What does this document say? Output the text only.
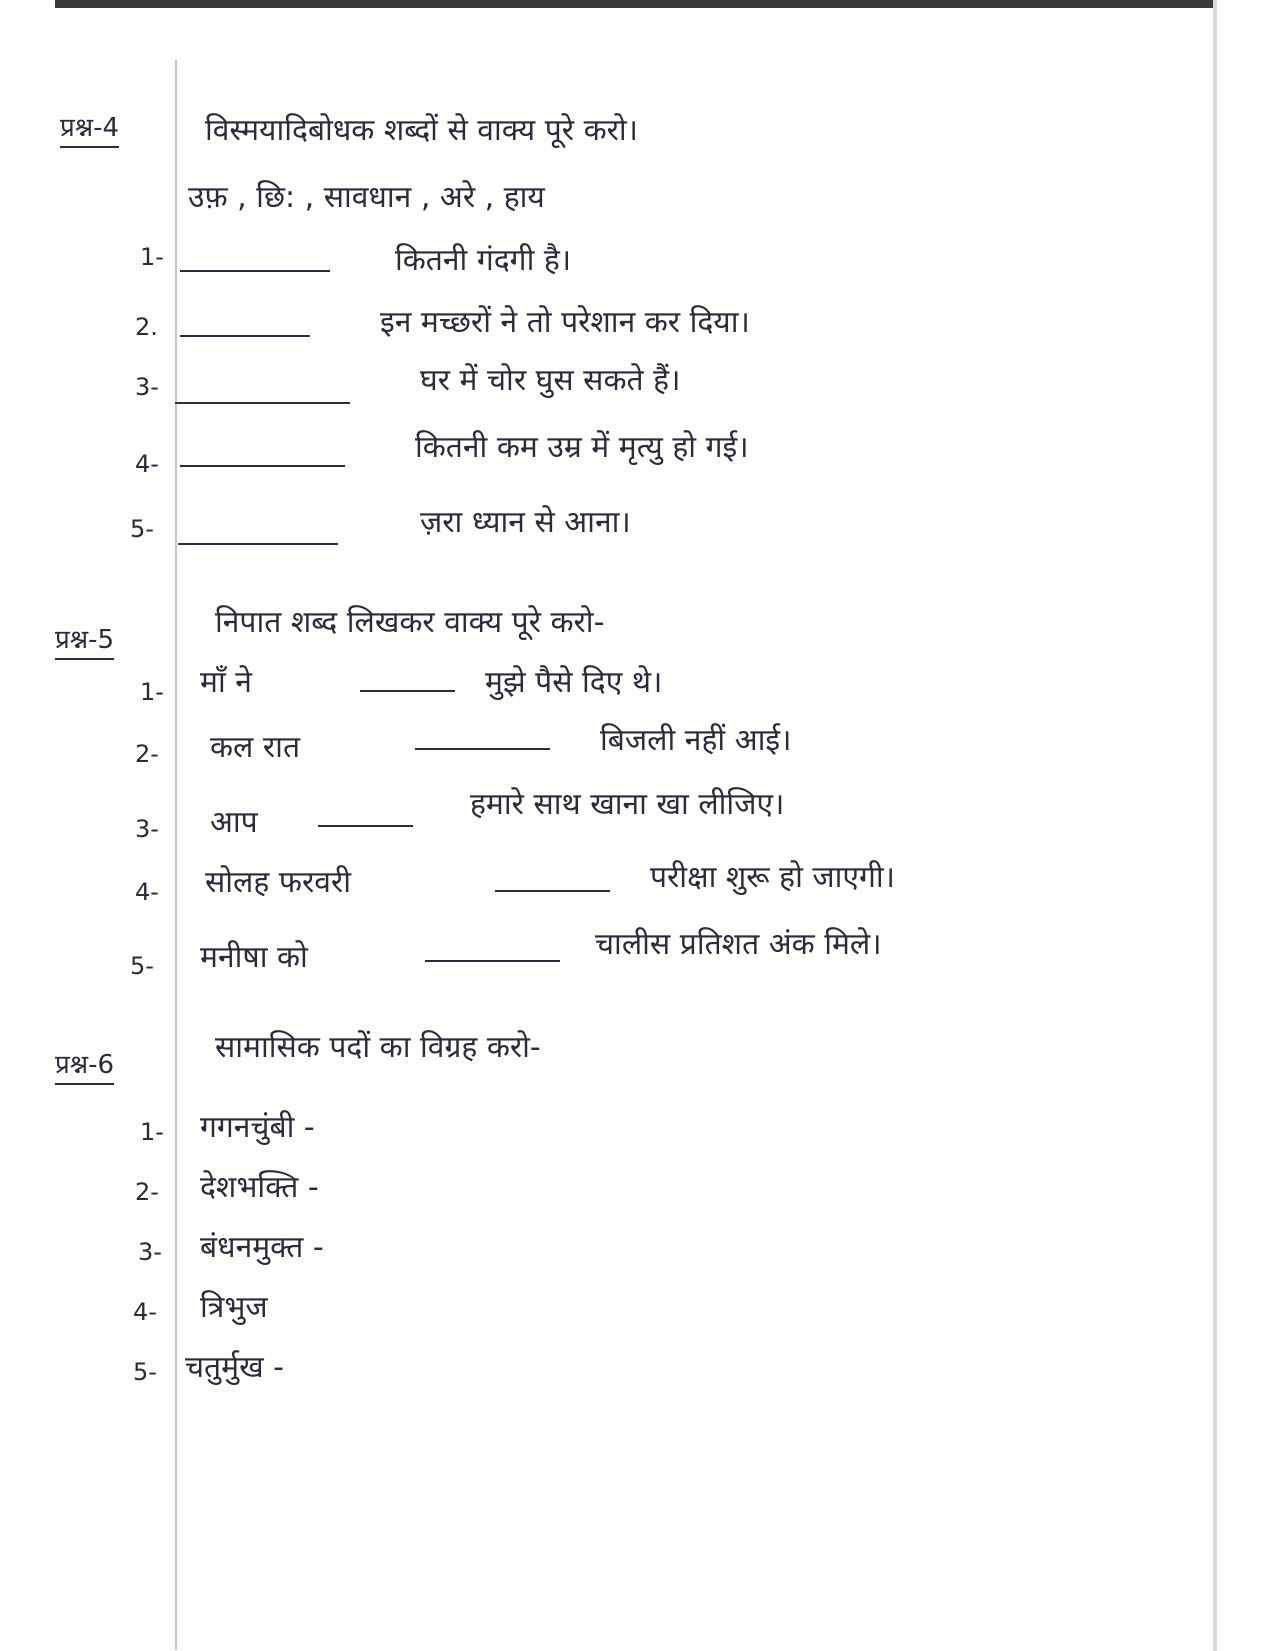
प्रश्न-4	विस्मयादिबोधक शब्दों से वाक्य पूरे करो।
उफ़ , छि: , सावधान , अरे , हाय
1-	कितनी गंदगी है।
2.	इन मच्छरों ने तो परेशान कर दिया।
3-	घर में चोर घुस सकते हैं।
4-	कितनी कम उम्र में मृत्यु हो गई।
5-	ज़रा ध्यान से आना।
प्रश्न-5	निपात शब्द लिखकर वाक्य पूरे करो-
1- माँ ने	मुझे पैसे दिए थे।
2- कल रात	बिजली नहीं आई।
3- आप
हमारे साथ खाना खा लीजिए।
4- सोलह फरवरी	परीक्षा शुरू हो जाएगी।
5- मनीषा को	चालीस प्रतिशत अंक मिले।
प्रश्न-6	सामासिक पदों का विग्रह करो-
1- गगनचुंबी -
2- देशभक्ति -
3- बंधनमुक्त -
4- त्रिभुज
5- चतुर्मुख -
